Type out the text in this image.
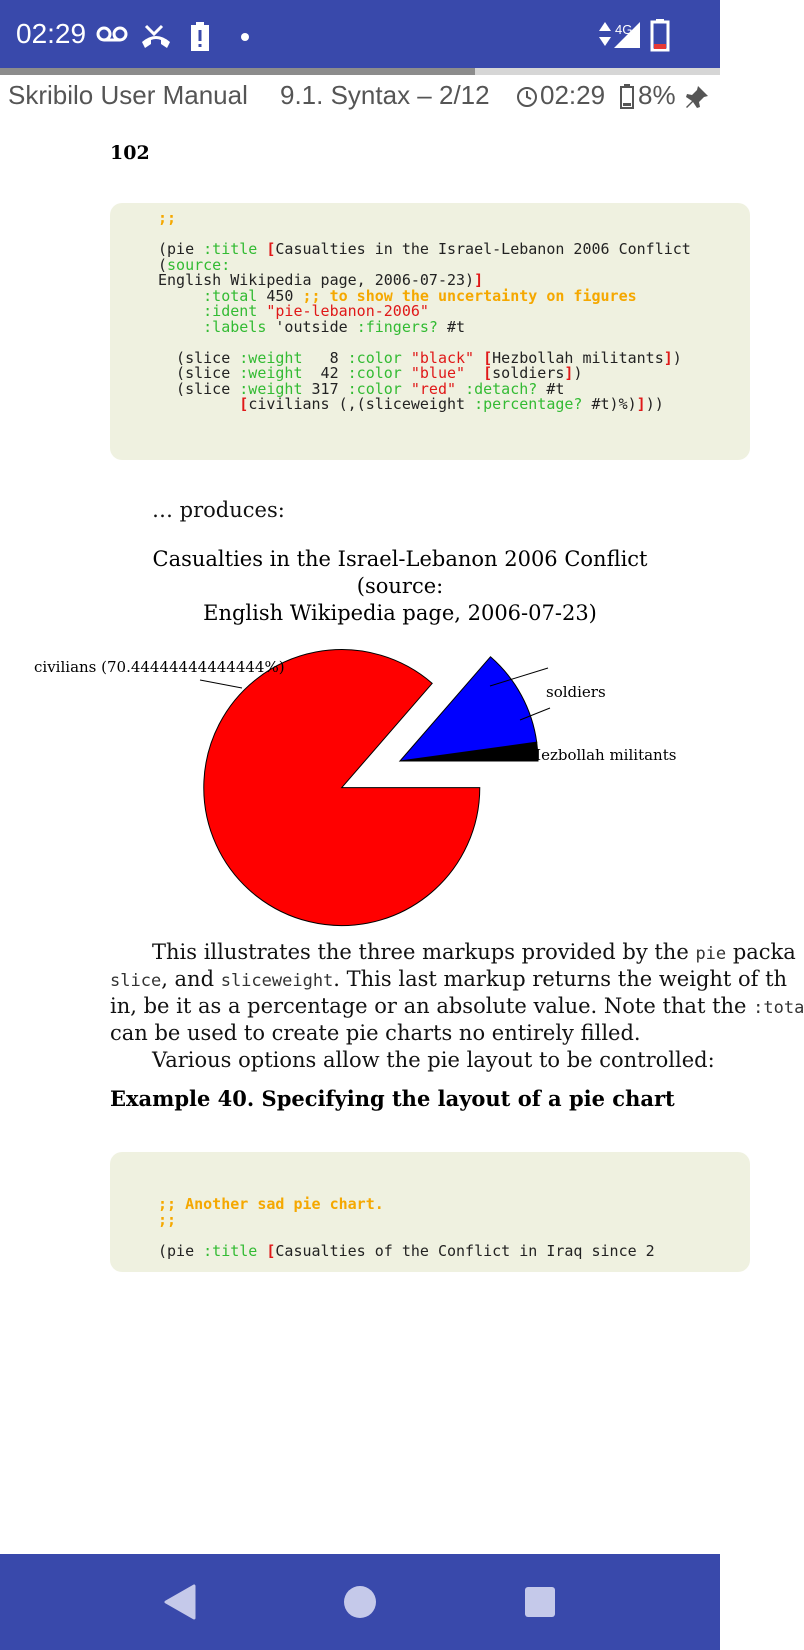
02:29	4G
Skribilo User Manual 9.1. Syntax – 2/12 02:29 8%
102
;;

(pie :title [Casualties in the Israel-Lebanon 2006 Conflict
(source:
English Wikipedia page, 2006-07-23)]
:total 450 ;; to show the uncertainty on figures
:ident "pie-lebanon-2006"
:labels 'outside :fingers? #t

(slice :weight   8 :color "black" [Hezbollah militants])
(slice :weight  42 :color "blue" [soldiers])
(slice :weight 317 :color "red" :detach? #t
[civilians (,(sliceweight :percentage? #t)%)]))
… produces:
Casualties in the Israel-Lebanon 2006 Conflict (source:
English Wikipedia page, 2006-07-23)
Hezbollah militants
soldiers
civilians (70.44444444444444%)
This illustrates the three markups provided by the pie packa
slice, and sliceweight. This last markup returns the weight of th
in, be it as a percentage or an absolute value. Note that the :tota
can be used to create pie charts no entirely filled.
Various options allow the pie layout to be controlled:
Example 40. Specifying the layout of a pie chart
;; Another sad pie chart.
;;

(pie :title [Casualties of the Conflict in Iraq since 2
